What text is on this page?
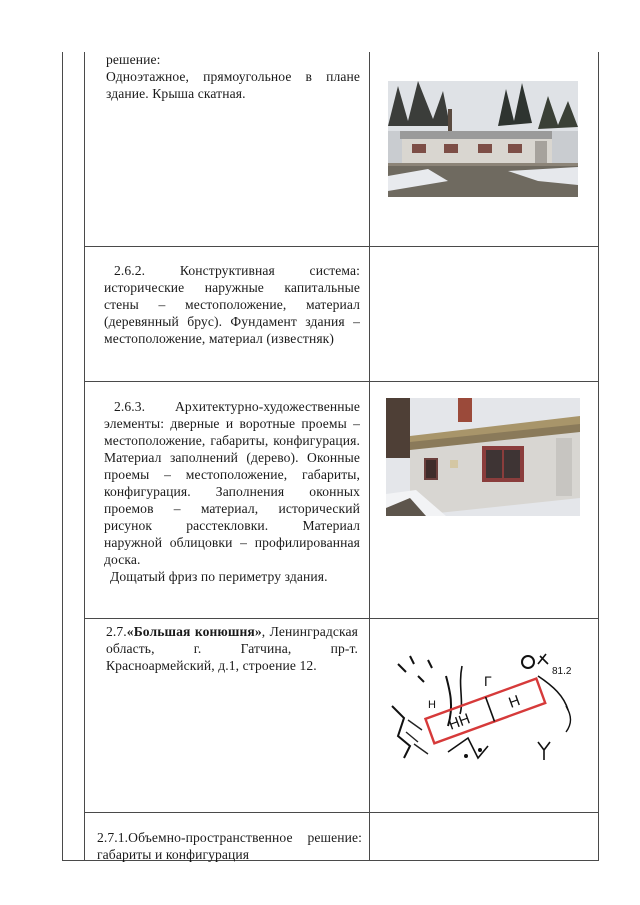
решение:

Одноэтажное, прямоугольное в плане здание. Крыша скатная.

2.6.2. Конструктивная система: исторические наружные капитальные стены – местоположение, материал (деревянный брус). Фундамент здания – местоположение, материал (известняк)

2.6.3. Архитектурно-художественные элементы: дверные и воротные проемы – местоположение, габариты, конфигурация. Материал заполнений (дерево). Оконные проемы – местоположение, габариты, конфигурация. Заполнения оконных проемов – материал, исторический рисунок расстекловки. Материал наружной облицовки – профилированная доска.

Дощатый фриз по периметру здания.

2.7.«Большая конюшня», Ленинградская область, г. Гатчина, пр-т. Красноармейский, д.1, строение 12.

Н
Г
81.2
НН
Н

2.7.1.Объемно-пространственное решение: габариты и конфигурация
